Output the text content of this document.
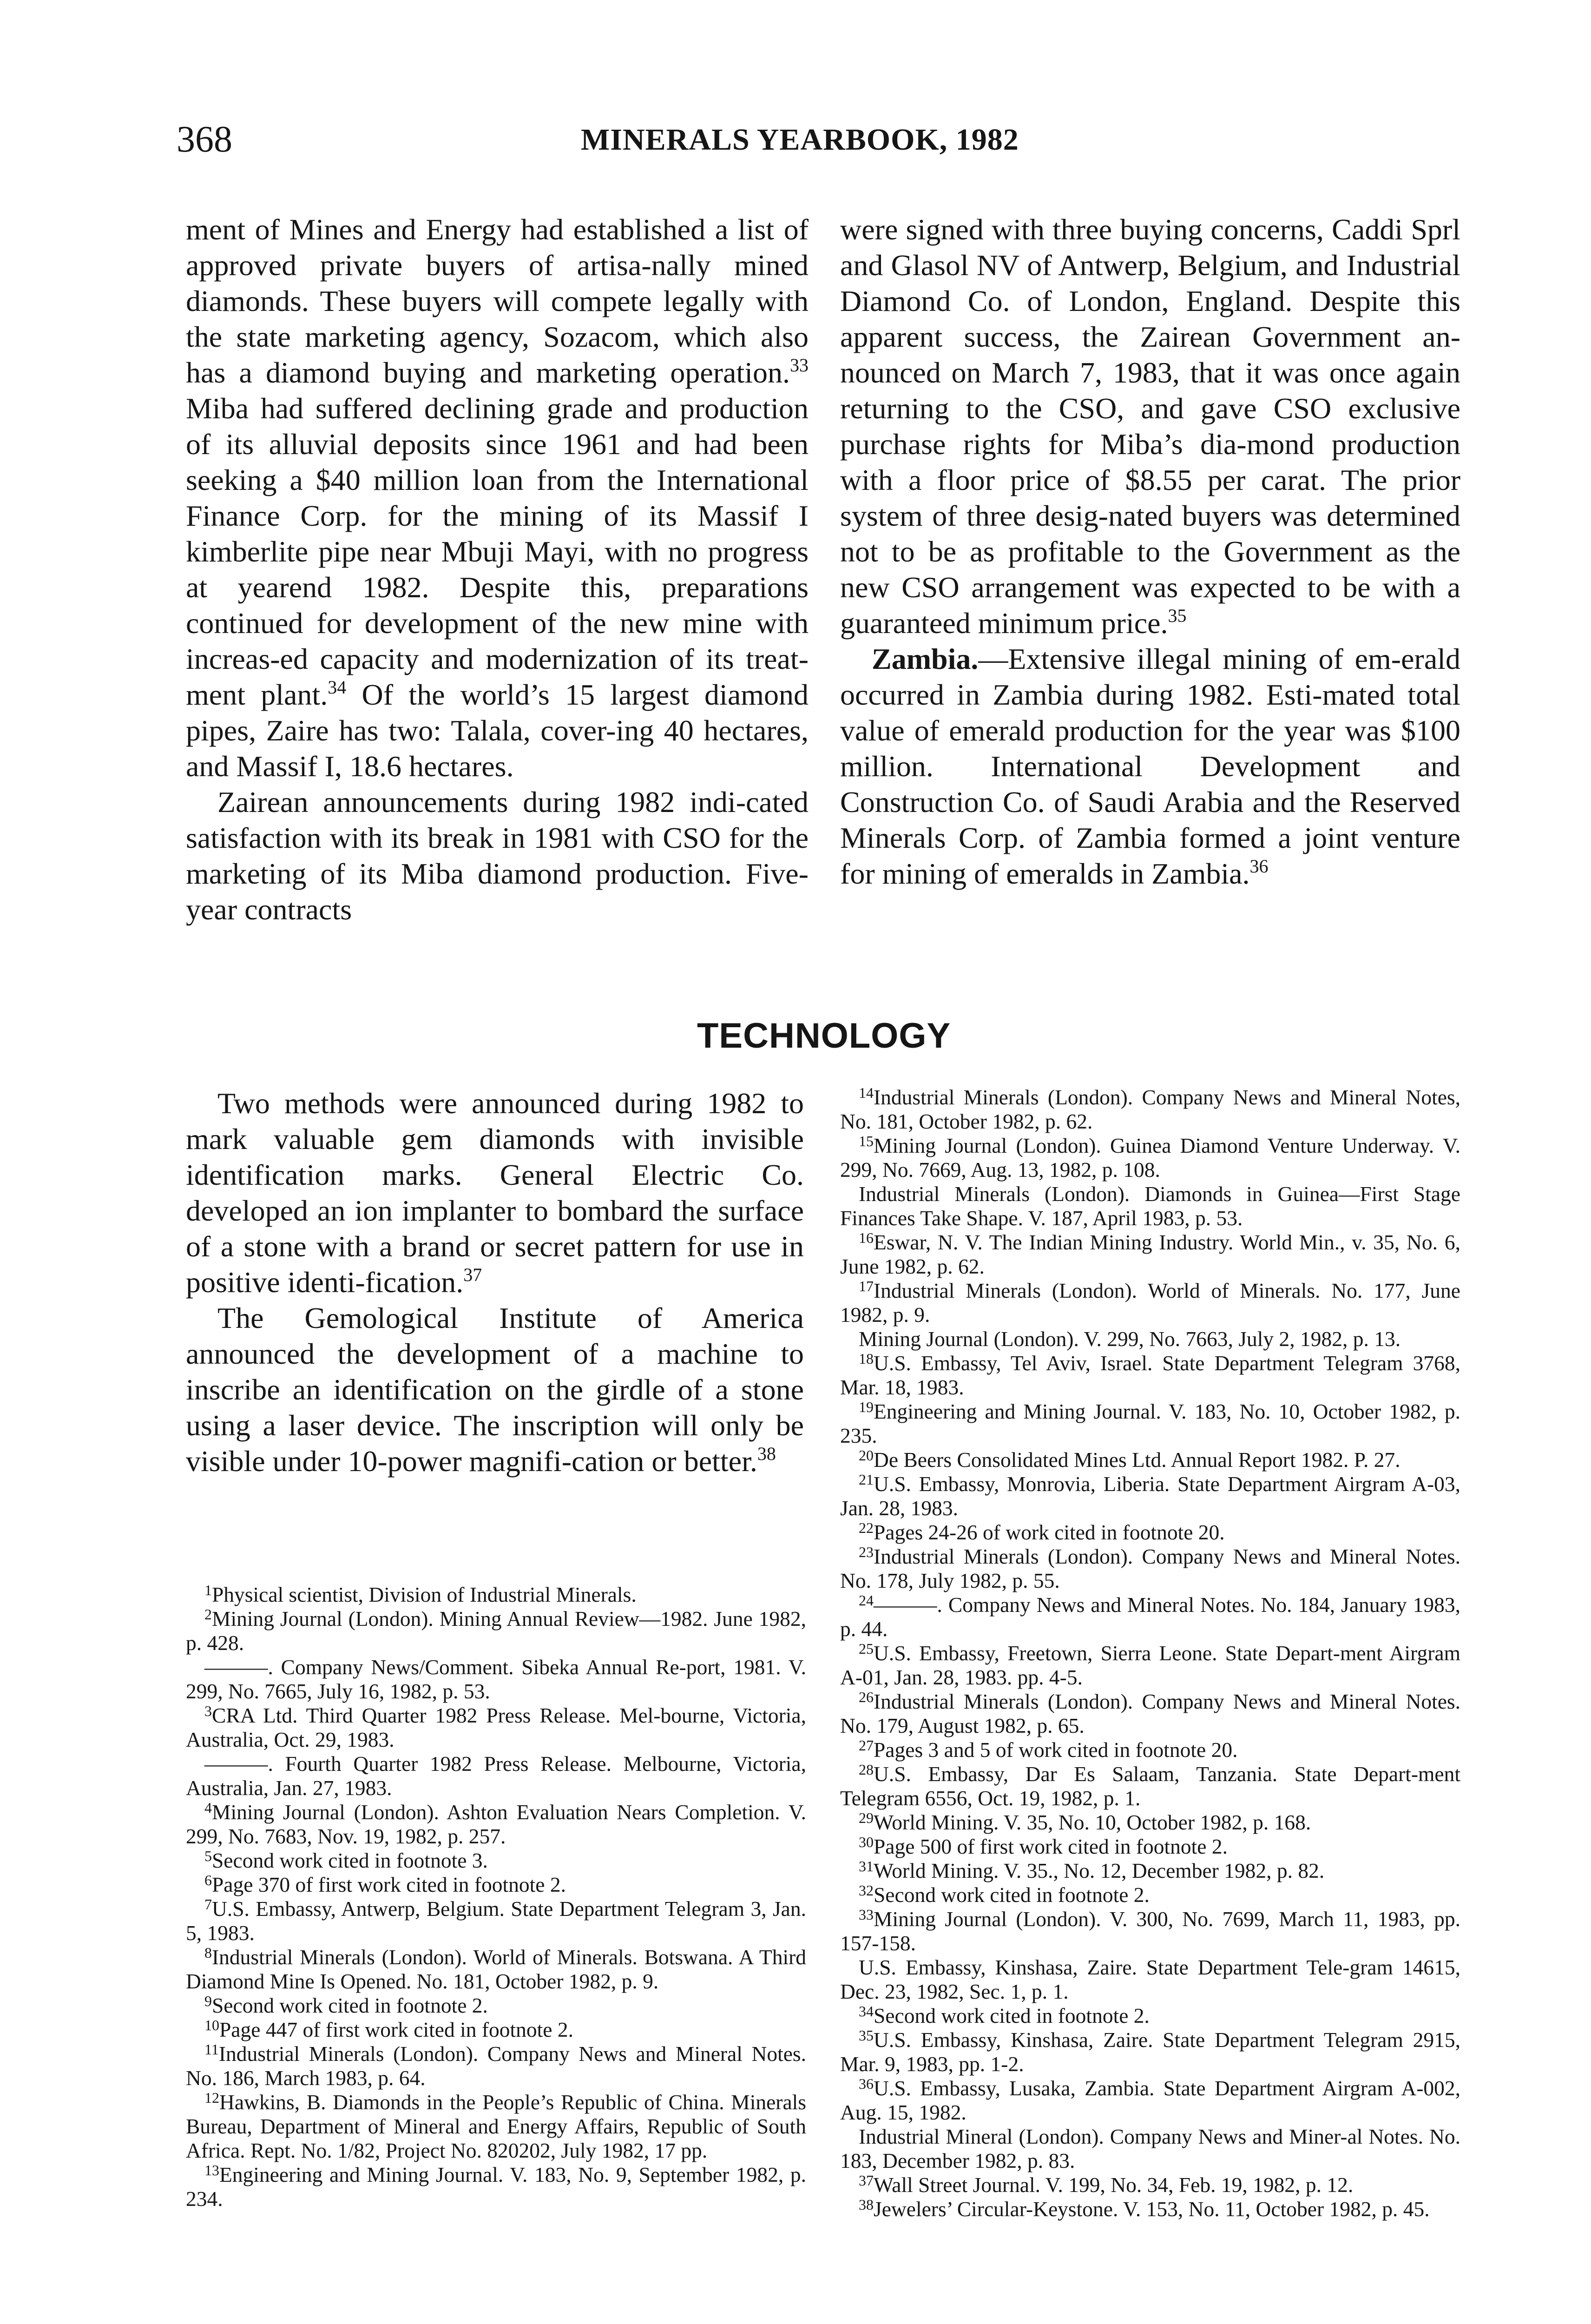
368	MINERALS YEARBOOK, 1982

ment of Mines and Energy had established a list of approved private buyers of artisa-nally mined diamonds. These buyers will compete legally with the state marketing agency, Sozacom, which also has a diamond buying and marketing operation.$^{33}$ Miba had suffered declining grade and production of its alluvial deposits since 1961 and had been seeking a $40 million loan from the International Finance Corp. for the mining of its Massif I kimberlite pipe near Mbuji Mayi, with no progress at yearend 1982. Despite this, preparations continued for development of the new mine with increas-ed capacity and modernization of its treat-ment plant.$^{34}$ Of the world’s 15 largest diamond pipes, Zaire has two: Talala, cover-ing 40 hectares, and Massif I, 18.6 hectares.

Zairean announcements during 1982 indi-cated satisfaction with its break in 1981 with CSO for the marketing of its Miba diamond production. Five-year contracts

were signed with three buying concerns, Caddi Sprl and Glasol NV of Antwerp, Belgium, and Industrial Diamond Co. of London, England. Despite this apparent success, the Zairean Government an-nounced on March 7, 1983, that it was once again returning to the CSO, and gave CSO exclusive purchase rights for Miba’s dia-mond production with a floor price of $8.55 per carat. The prior system of three desig-nated buyers was determined not to be as profitable to the Government as the new CSO arrangement was expected to be with a guaranteed minimum price.$^{35}$

Zambia.—Extensive illegal mining of em-erald occurred in Zambia during 1982. Esti-mated total value of emerald production for the year was $100 million. International Development and Construction Co. of Saudi Arabia and the Reserved Minerals Corp. of Zambia formed a joint venture for mining of emeralds in Zambia.$^{36}$

TECHNOLOGY

Two methods were announced during 1982 to mark valuable gem diamonds with invisible identification marks. General Electric Co. developed an ion implanter to bombard the surface of a stone with a brand or secret pattern for use in positive identi-fication.$^{37}$

The Gemological Institute of America announced the development of a machine to inscribe an identification on the girdle of a stone using a laser device. The inscription will only be visible under 10-power magnifi-cation or better.$^{38}$

$^1$Physical scientist, Division of Industrial Minerals.

$^2$Mining Journal (London). Mining Annual Review—1982. June 1982, p. 428.

———. Company News/Comment. Sibeka Annual Re-port, 1981. V. 299, No. 7665, July 16, 1982, p. 53.

$^3$CRA Ltd. Third Quarter 1982 Press Release. Mel-bourne, Victoria, Australia, Oct. 29, 1983.

———. Fourth Quarter 1982 Press Release. Melbourne, Victoria, Australia, Jan. 27, 1983.

$^4$Mining Journal (London). Ashton Evaluation Nears Completion. V. 299, No. 7683, Nov. 19, 1982, p. 257.

$^5$Second work cited in footnote 3.

$^6$Page 370 of first work cited in footnote 2.

$^7$U.S. Embassy, Antwerp, Belgium. State Department Telegram 3, Jan. 5, 1983.

$^8$Industrial Minerals (London). World of Minerals. Botswana. A Third Diamond Mine Is Opened. No. 181, October 1982, p. 9.

$^9$Second work cited in footnote 2.

$^{10}$Page 447 of first work cited in footnote 2.

$^{11}$Industrial Minerals (London). Company News and Mineral Notes. No. 186, March 1983, p. 64.

$^{12}$Hawkins, B. Diamonds in the People’s Republic of China. Minerals Bureau, Department of Mineral and Energy Affairs, Republic of South Africa. Rept. No. 1/82, Project No. 820202, July 1982, 17 pp.

$^{13}$Engineering and Mining Journal. V. 183, No. 9, September 1982, p. 234.

$^{14}$Industrial Minerals (London). Company News and Mineral Notes, No. 181, October 1982, p. 62.

$^{15}$Mining Journal (London). Guinea Diamond Venture Underway. V. 299, No. 7669, Aug. 13, 1982, p. 108.

Industrial Minerals (London). Diamonds in Guinea—First Stage Finances Take Shape. V. 187, April 1983, p. 53.

$^{16}$Eswar, N. V. The Indian Mining Industry. World Min., v. 35, No. 6, June 1982, p. 62.

$^{17}$Industrial Minerals (London). World of Minerals. No. 177, June 1982, p. 9.

Mining Journal (London). V. 299, No. 7663, July 2, 1982, p. 13.

$^{18}$U.S. Embassy, Tel Aviv, Israel. State Department Telegram 3768, Mar. 18, 1983.

$^{19}$Engineering and Mining Journal. V. 183, No. 10, October 1982, p. 235.

$^{20}$De Beers Consolidated Mines Ltd. Annual Report 1982. P. 27.

$^{21}$U.S. Embassy, Monrovia, Liberia. State Department Airgram A-03, Jan. 28, 1983.

$^{22}$Pages 24-26 of work cited in footnote 20.

$^{23}$Industrial Minerals (London). Company News and Mineral Notes. No. 178, July 1982, p. 55.

$^{24}$———. Company News and Mineral Notes. No. 184, January 1983, p. 44.

$^{25}$U.S. Embassy, Freetown, Sierra Leone. State Depart-ment Airgram A-01, Jan. 28, 1983. pp. 4-5.

$^{26}$Industrial Minerals (London). Company News and Mineral Notes. No. 179, August 1982, p. 65.

$^{27}$Pages 3 and 5 of work cited in footnote 20.

$^{28}$U.S. Embassy, Dar Es Salaam, Tanzania. State Depart-ment Telegram 6556, Oct. 19, 1982, p. 1.

$^{29}$World Mining. V. 35, No. 10, October 1982, p. 168.

$^{30}$Page 500 of first work cited in footnote 2.

$^{31}$World Mining. V. 35., No. 12, December 1982, p. 82.

$^{32}$Second work cited in footnote 2.

$^{33}$Mining Journal (London). V. 300, No. 7699, March 11, 1983, pp. 157-158.

U.S. Embassy, Kinshasa, Zaire. State Department Tele-gram 14615, Dec. 23, 1982, Sec. 1, p. 1.

$^{34}$Second work cited in footnote 2.

$^{35}$U.S. Embassy, Kinshasa, Zaire. State Department Telegram 2915, Mar. 9, 1983, pp. 1-2.

$^{36}$U.S. Embassy, Lusaka, Zambia. State Department Airgram A-002, Aug. 15, 1982.

Industrial Mineral (London). Company News and Miner-al Notes. No. 183, December 1982, p. 83.

$^{37}$Wall Street Journal. V. 199, No. 34, Feb. 19, 1982, p. 12.

$^{38}$Jewelers’ Circular-Keystone. V. 153, No. 11, October 1982, p. 45.
